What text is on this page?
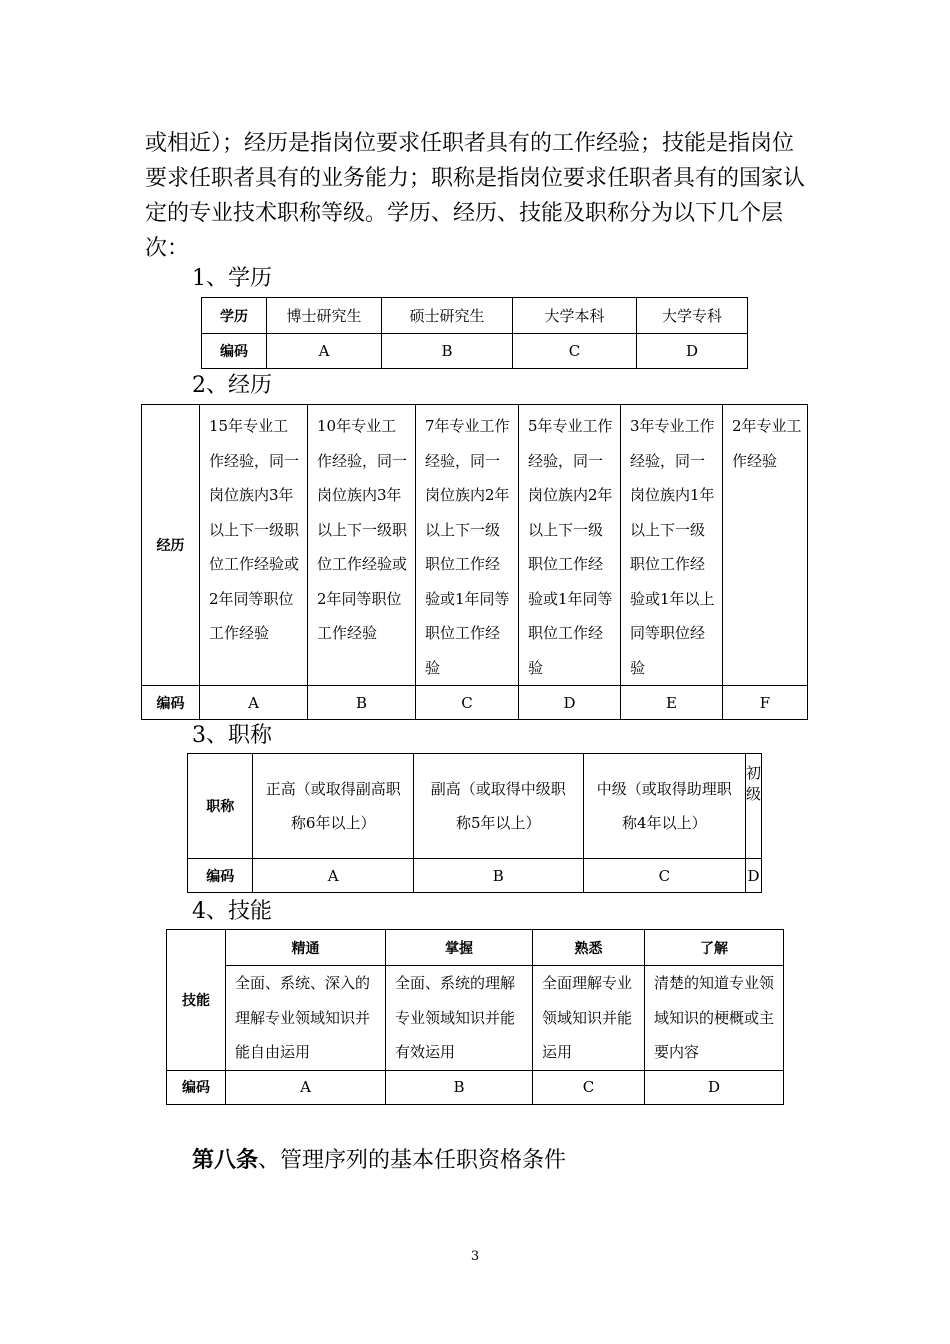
或相近）；经历是指岗位要求任职者具有的工作经验；技能是指岗位要求任职者具有的业务能力；职称是指岗位要求任职者具有的国家认定的专业技术职称等级。学历、经历、技能及职称分为以下几个层次：

1、学历

学历	博士研究生	硕士研究生	大学本科	大学专科
编码	A	B	C	D

2、经历

经历	15年专业工作经验，同一岗位族内3年以上下一级职位工作经验或2年同等职位工作经验	10年专业工作经验，同一岗位族内3年以上下一级职位工作经验或2年同等职位工作经验	7年专业工作经验，同一岗位族内2年以上下一级职位工作经验或1年同等职位工作经验	5年专业工作经验，同一岗位族内2年以上下一级职位工作经验或1年同等职位工作经验	3年专业工作经验，同一岗位族内1年以上下一级职位工作经验或1年以上同等职位经验	2年专业工作经验
编码	A	B	C	D	E	F

3、职称

职称	正高（或取得副高职称6年以上）	副高（或取得中级职称5年以上）	中级（或取得助理职称4年以上）	初级
编码	A	B	C	D

4、技能

技能	精通	掌握	熟悉	了解
	全面、系统、深入的理解专业领域知识并能自由运用	全面、系统的理解专业领域知识并能有效运用	全面理解专业领域知识并能运用	清楚的知道专业领域知识的梗概或主要内容
编码	A	B	C	D

第八条、管理序列的基本任职资格条件

3
